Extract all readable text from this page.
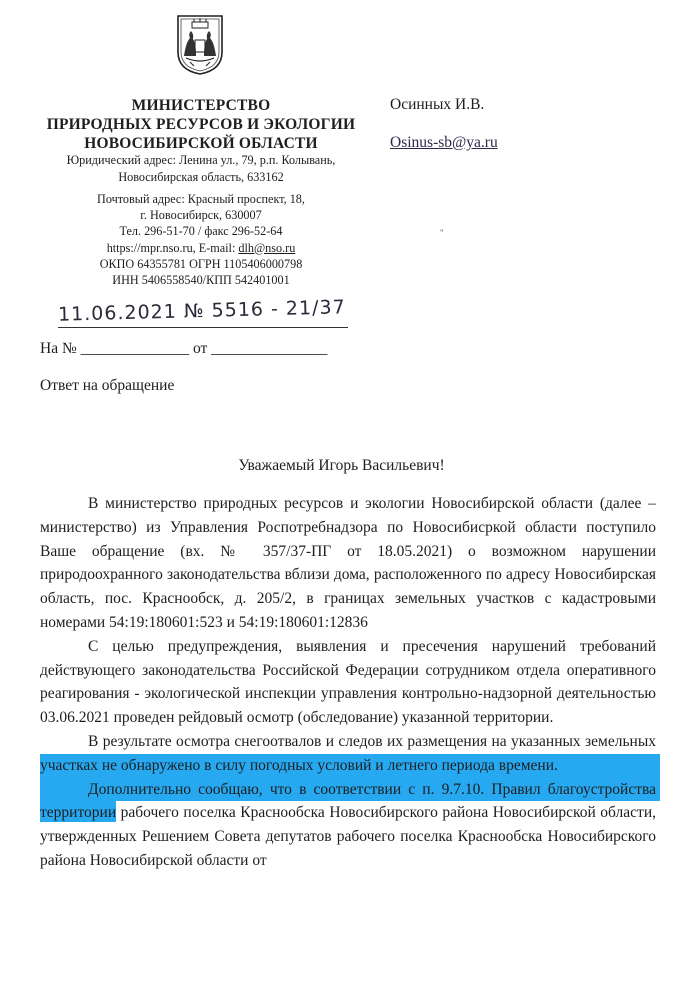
МИНИСТЕРСТВО
ПРИРОДНЫХ РЕСУРСОВ И ЭКОЛОГИИ
НОВОСИБИРСКОЙ ОБЛАСТИ
Юридический адрес: Ленина ул., 79, р.п. Колывань,
Новосибирская область, 633162
Почтовый адрес: Красный проспект, 18,
г. Новосибирск, 630007
Тел. 296-51-70 / факс 296-52-64
https://mpr.nso.ru, E-mail: dlh@nso.ru
ОКПО 64355781 ОГРН 1105406000798
ИНН 5406558540/КПП 542401001
11.06.2021 № 5516 - 21/37
На № ______________ от _______________
Осинных И.В.
Osinus-sb@ya.ru
"
Ответ на обращение
Уважаемый Игорь Васильевич!

В министерство природных ресурсов и экологии Новосибирской области (далее – министерство) из Управления Роспотребнадзора по Новосибисркой области поступило Ваше обращение (вх. № 357/37-ПГ от 18.05.2021) о возможном нарушении природоохранного законодательства вблизи дома, расположенного по адресу Новосибирская область, пос. Краснообск, д. 205/2, в границах земельных участков с кадастровыми номерами 54:19:180601:523 и 54:19:180601:12836

С целью предупреждения, выявления и пресечения нарушений требований действующего законодательства Российской Федерации сотрудником отдела оперативного реагирования - экологической инспекции управления контрольно-надзорной деятельностью 03.06.2021 проведен рейдовый осмотр (обследование) указанной территории.

В результате осмотра снегоотвалов и следов их размещения на указанных земельных участках не обнаружено в силу погодных условий и летнего периода времени.

Дополнительно сообщаю, что в соответствии с п. 9.7.10. Правил благоустройства территории рабочего поселка Краснообска Новосибирского района Новосибирской области, утвержденных Решением Совета депутатов рабочего поселка Краснообска Новосибирского района Новосибирской области от
